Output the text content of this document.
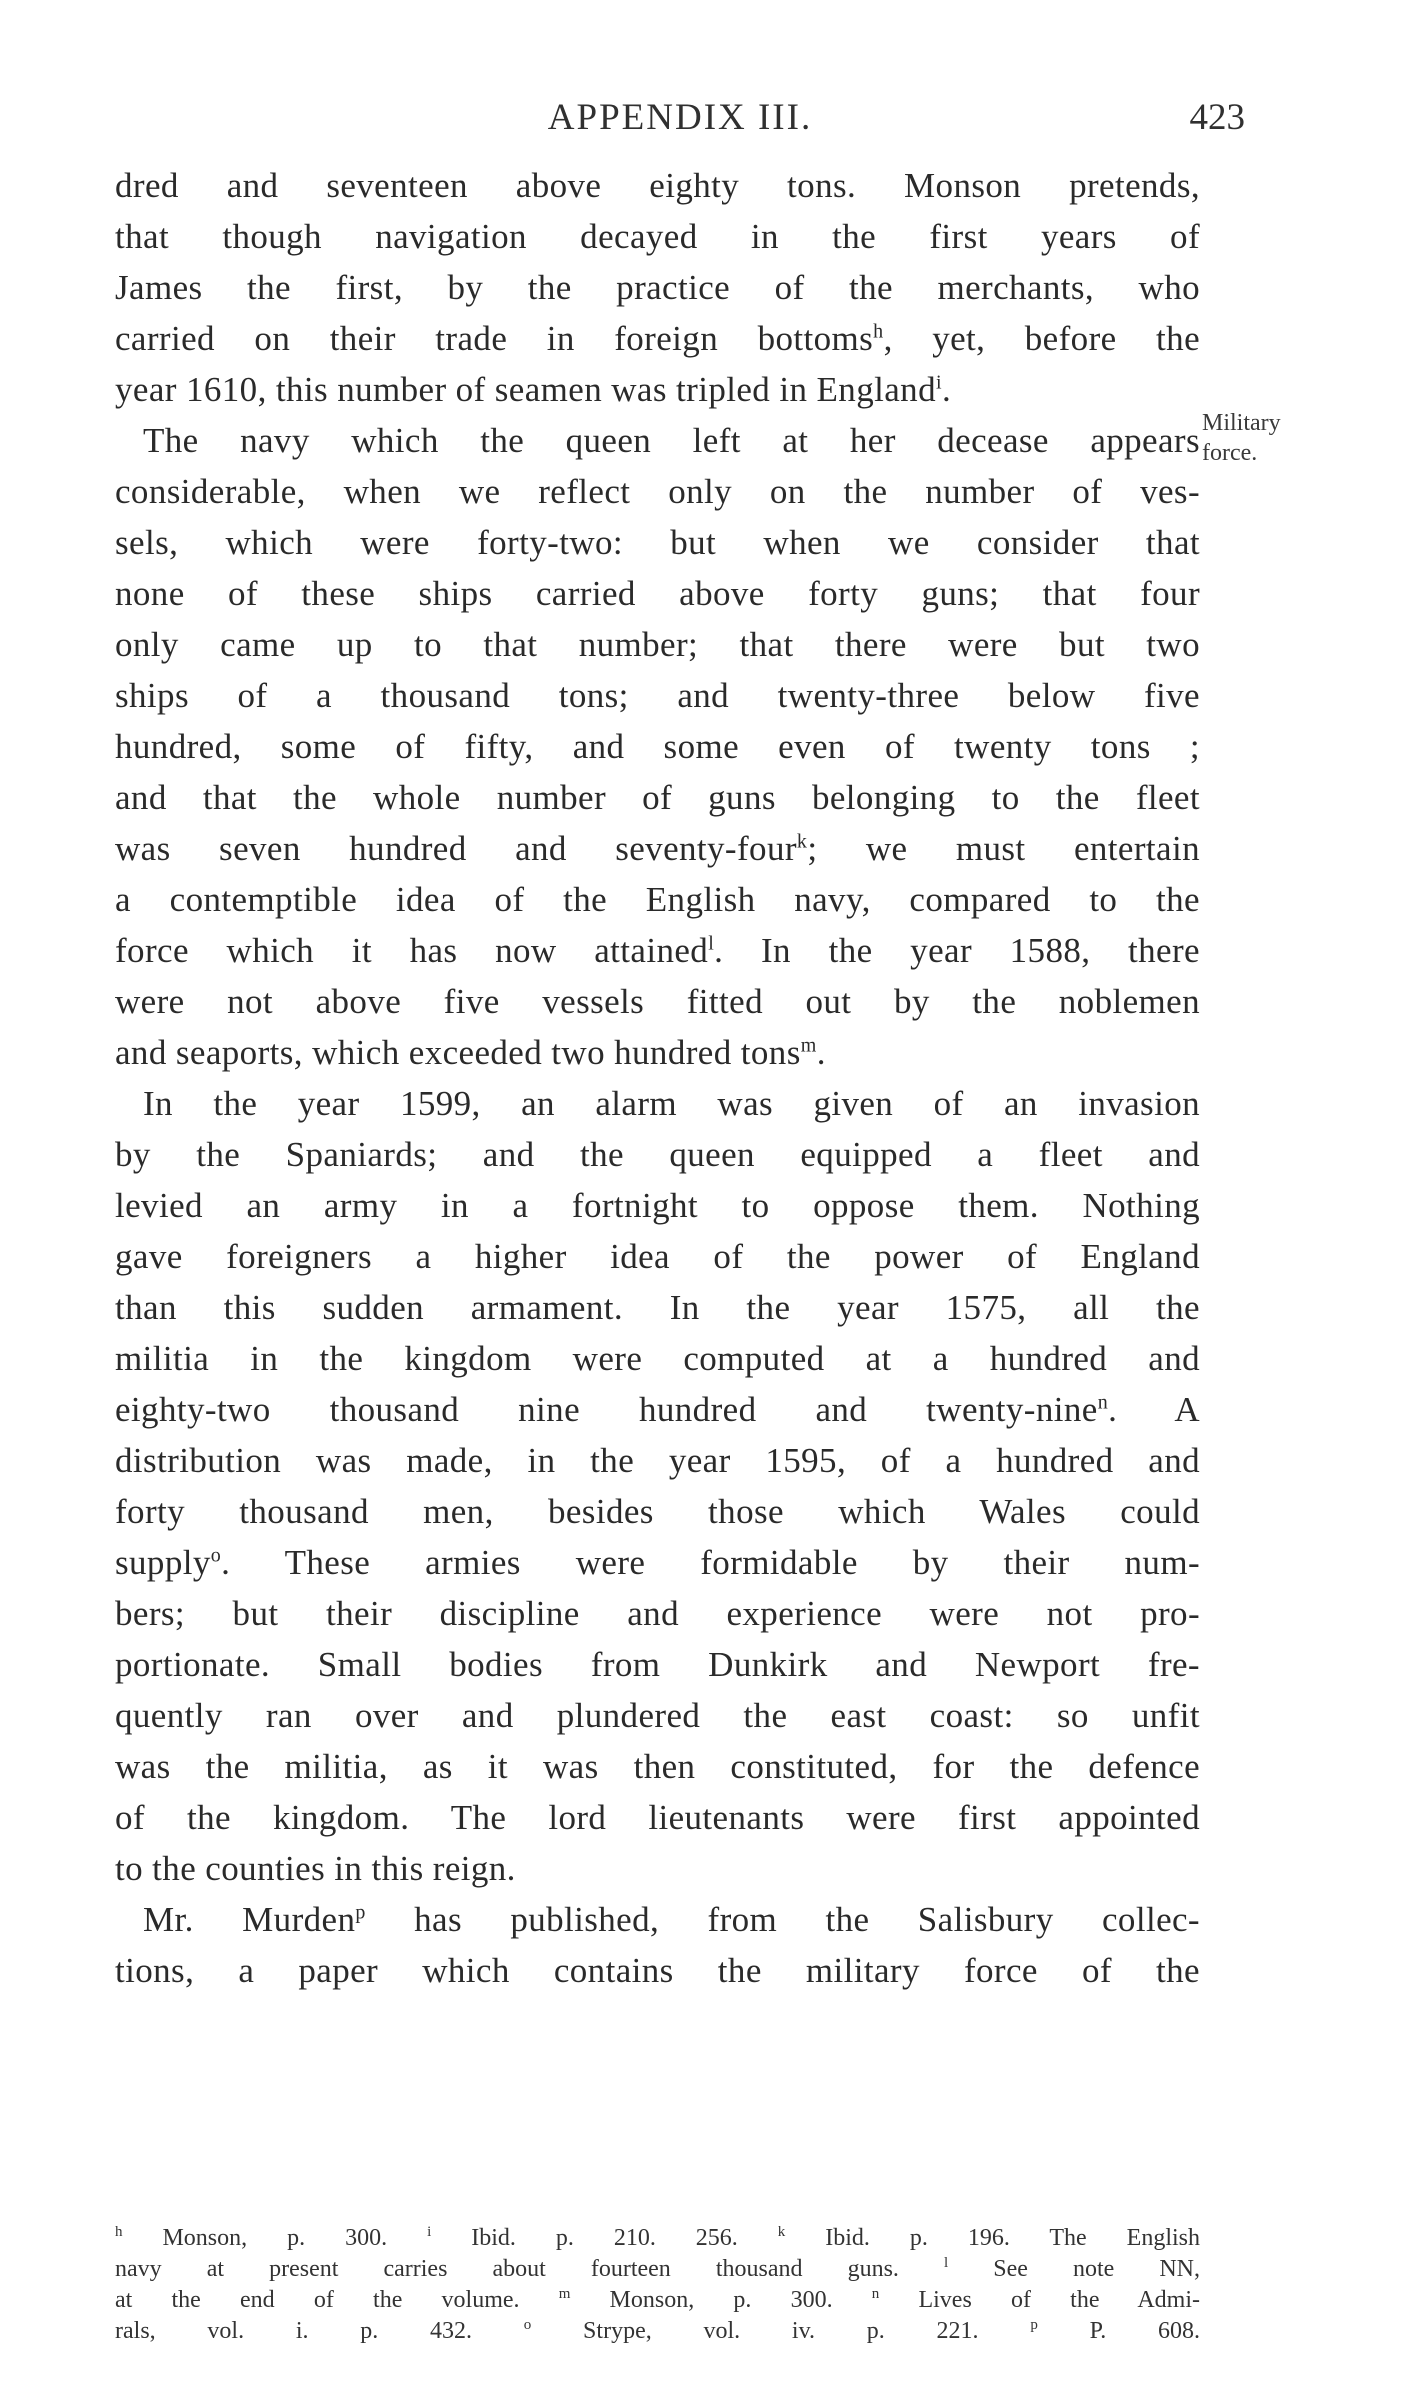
APPENDIX III.	423
dred and seventeen above eighty tons. Monson pretends,
that though navigation decayed in the first years of
James the first, by the practice of the merchants, who
carried on their trade in foreign bottoms$^h$, yet, before the
year 1610, this number of seamen was tripled in England$^i$.
The navy which the queen left at her decease appears
considerable, when we reflect only on the number of ves-
sels, which were forty-two: but when we consider that
none of these ships carried above forty guns; that four
only came up to that number; that there were but two
ships of a thousand tons; and twenty-three below five
hundred, some of fifty, and some even of twenty tons ;
and that the whole number of guns belonging to the fleet
was seven hundred and seventy-four$^k$; we must entertain
a contemptible idea of the English navy, compared to the
force which it has now attained$^l$. In the year 1588, there
were not above five vessels fitted out by the noblemen
and seaports, which exceeded two hundred tons$^m$.
In the year 1599, an alarm was given of an invasion
by the Spaniards; and the queen equipped a fleet and
levied an army in a fortnight to oppose them. Nothing
gave foreigners a higher idea of the power of England
than this sudden armament. In the year 1575, all the
militia in the kingdom were computed at a hundred and
eighty-two thousand nine hundred and twenty-nine$^n$. A
distribution was made, in the year 1595, of a hundred and
forty thousand men, besides those which Wales could
supply$^o$. These armies were formidable by their num-
bers; but their discipline and experience were not pro-
portionate. Small bodies from Dunkirk and Newport fre-
quently ran over and plundered the east coast: so unfit
was the militia, as it was then constituted, for the defence
of the kingdom. The lord lieutenants were first appointed
to the counties in this reign.
Mr. Murden$^p$ has published, from the Salisbury collec-
tions, a paper which contains the military force of the
Military
force.
$^h$ Monson, p. 300.	$^i$ Ibid. p. 210. 256.	$^k$ Ibid. p. 196. The English
navy at present carries about fourteen thousand guns.	$^l$ See note NN,
at the end of the volume.	$^m$ Monson, p. 300.	$^n$ Lives of the Admi-
rals, vol. i. p. 432.	$^o$ Strype, vol. iv. p. 221.	$^p$ P. 608.
